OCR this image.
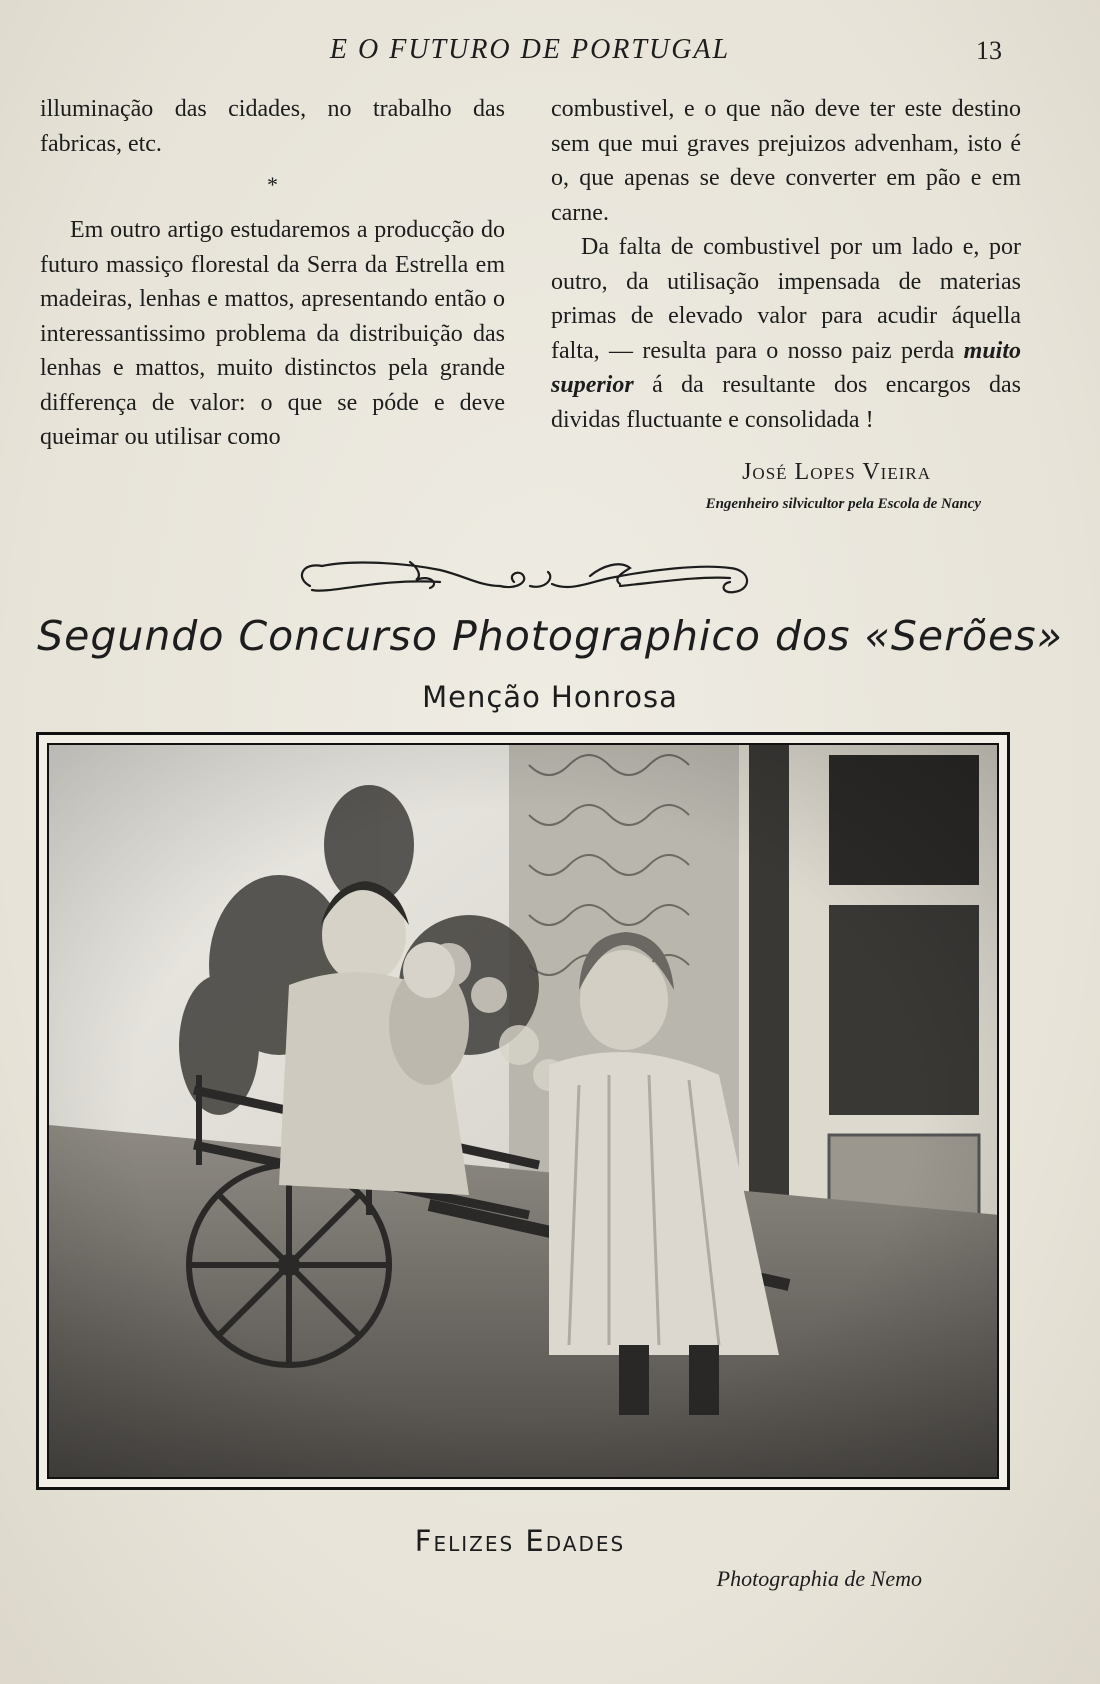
E O FUTURO DE PORTUGAL	13

illuminação das cidades, no trabalho das fabricas, etc.

*

Em outro artigo estudaremos a producção do futuro massiço florestal da Serra da Estrella em madeiras, lenhas e mattos, apresentando então o interessantissimo problema da distribuição das lenhas e mattos, muito distinctos pela grande differença de valor: o que se póde e deve queimar ou utilisar como

combustivel, e o que não deve ter este destino sem que mui graves prejuizos advenham, isto é o, que apenas se deve converter em pão e em carne.

Da falta de combustivel por um lado e, por outro, da utilisação impensada de materias primas de elevado valor para acudir áquella falta, — resulta para o nosso paiz perda muito superior á da resultante dos encargos das dividas fluctuante e consolidada !

José Lopes Vieira

Engenheiro silvicultor pela Escola de Nancy

Segundo Concurso Photographico dos «Serões»
Menção Honrosa
Felizes Edades
Photographia de Nemo
